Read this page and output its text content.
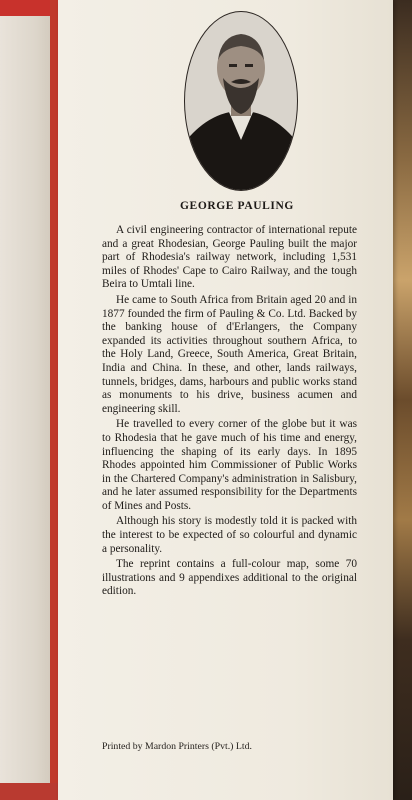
GEORGE PAULING

A civil engineering contractor of international repute and a great Rhodesian, George Pauling built the major part of Rhodesia's railway network, including 1,531 miles of Rhodes' Cape to Cairo Railway, and the tough Beira to Umtali line.

He came to South Africa from Britain aged 20 and in 1877 founded the firm of Pauling & Co. Ltd. Backed by the banking house of d'Erlangers, the Company expanded its activities throughout southern Africa, to the Holy Land, Greece, South America, Great Britain, India and China. In these, and other, lands railways, tunnels, bridges, dams, harbours and public works stand as monuments to his drive, business acumen and engineering skill.

He travelled to every corner of the globe but it was to Rhodesia that he gave much of his time and energy, influencing the shaping of its early days. In 1895 Rhodes appointed him Commissioner of Public Works in the Chartered Company's administration in Salisbury, and he later assumed responsibility for the Departments of Mines and Posts.

Although his story is modestly told it is packed with the interest to be expected of so colourful and dynamic a personality.

The reprint contains a full-colour map, some 70 illustrations and 9 appendixes additional to the original edition.

Printed by Mardon Printers (Pvt.) Ltd.
